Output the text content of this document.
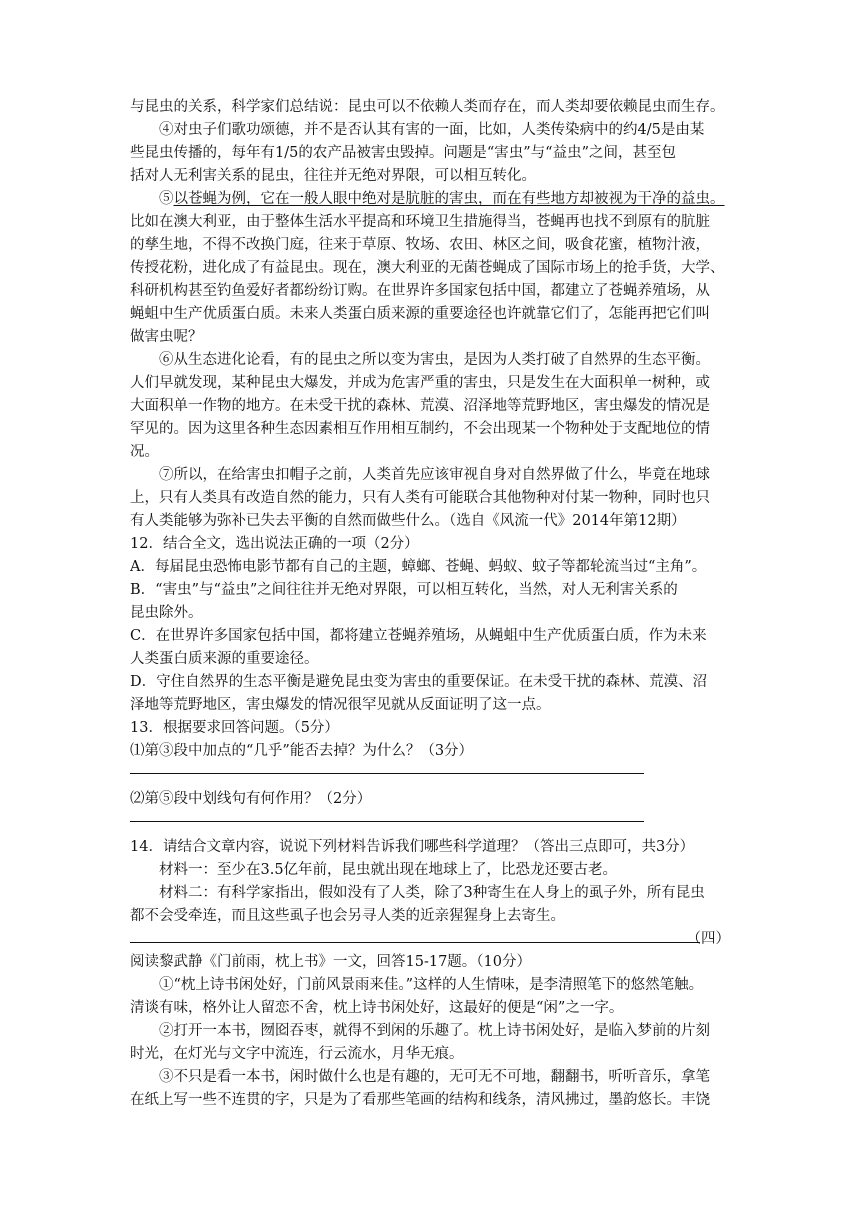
与昆虫的关系，科学家们总结说：昆虫可以不依赖人类而存在，而人类却要依赖昆虫而生存。
　　④对虫子们歌功颂德，并不是否认其有害的一面，比如，人类传染病中的约4/5是由某
些昆虫传播的，每年有1/5的农产品被害虫毁掉。问题是“害虫”与“益虫”之间，甚至包
括对人无利害关系的昆虫，往往并无绝对界限，可以相互转化。
　　⑤以苍蝇为例，它在一般人眼中绝对是肮脏的害虫，而在有些地方却被视为干净的益虫。
比如在澳大利亚，由于整体生活水平提高和环境卫生措施得当，苍蝇再也找不到原有的肮脏
的孳生地，不得不改换门庭，往来于草原、牧场、农田、林区之间，吸食花蜜，植物汁液，
传授花粉，进化成了有益昆虫。现在，澳大利亚的无菌苍蝇成了国际市场上的抢手货，大学、
科研机构甚至钓鱼爱好者都纷纷订购。在世界许多国家包括中国，都建立了苍蝇养殖场，从
蝇蛆中生产优质蛋白质。未来人类蛋白质来源的重要途径也许就靠它们了，怎能再把它们叫
做害虫呢？
　　⑥从生态进化论看，有的昆虫之所以变为害虫，是因为人类打破了自然界的生态平衡。
人们早就发现，某种昆虫大爆发，并成为危害严重的害虫，只是发生在大面积单一树种，或
大面积单一作物的地方。在未受干扰的森林、荒漠、沼泽地等荒野地区，害虫爆发的情况是
罕见的。因为这里各种生态因素相互作用相互制约，不会出现某一个物种处于支配地位的情
况。
　　⑦所以，在给害虫扣帽子之前，人类首先应该审视自身对自然界做了什么，毕竟在地球
上，只有人类具有改造自然的能力，只有人类有可能联合其他物种对付某一物种，同时也只
有人类能够为弥补已失去平衡的自然而做些什么。（选自《风流一代》2014年第12期）
12．结合全文，选出说法正确的一项（2分）
A．每届昆虫恐怖电影节都有自己的主题，蟑螂、苍蝇、蚂蚁、蚊子等都轮流当过“主角”。
B．“害虫”与“益虫”之间往往并无绝对界限，可以相互转化，当然，对人无利害关系的
昆虫除外。
C．在世界许多国家包括中国，都将建立苍蝇养殖场，从蝇蛆中生产优质蛋白质，作为未来
人类蛋白质来源的重要途径。
D．守住自然界的生态平衡是避免昆虫变为害虫的重要保证。在未受干扰的森林、荒漠、沼
泽地等荒野地区，害虫爆发的情况很罕见就从反面证明了这一点。
13．根据要求回答问题。（5分）
⑴第③段中加点的“几乎”能否去掉？为什么？（3分）
⑵第⑤段中划线句有何作用？（2分）
14．请结合文章内容，说说下列材料告诉我们哪些科学道理？（答出三点即可，共3分）
　　材料一：至少在3.5亿年前，昆虫就出现在地球上了，比恐龙还要古老。
　　材料二：有科学家指出，假如没有了人类，除了3种寄生在人身上的虱子外，所有昆虫
都不会受牵连，而且这些虱子也会另寻人类的近亲猩猩身上去寄生。
（四）
阅读黎武静《门前雨，枕上书》一文，回答15-17题。（10分）
　　①“枕上诗书闲处好，门前风景雨来佳。”这样的人生情味，是李清照笔下的悠然笔触。
清谈有味，格外让人留恋不舍，枕上诗书闲处好，这最好的便是“闲”之一字。
　　②打开一本书，囫囵吞枣，就得不到闲的乐趣了。枕上诗书闲处好，是临入梦前的片刻
时光，在灯光与文字中流连，行云流水，月华无痕。
　　③不只是看一本书，闲时做什么也是有趣的，无可无不可地，翻翻书，听听音乐，拿笔
在纸上写一些不连贯的字，只是为了看那些笔画的结构和线条，清风拂过，墨韵悠长。丰饶
